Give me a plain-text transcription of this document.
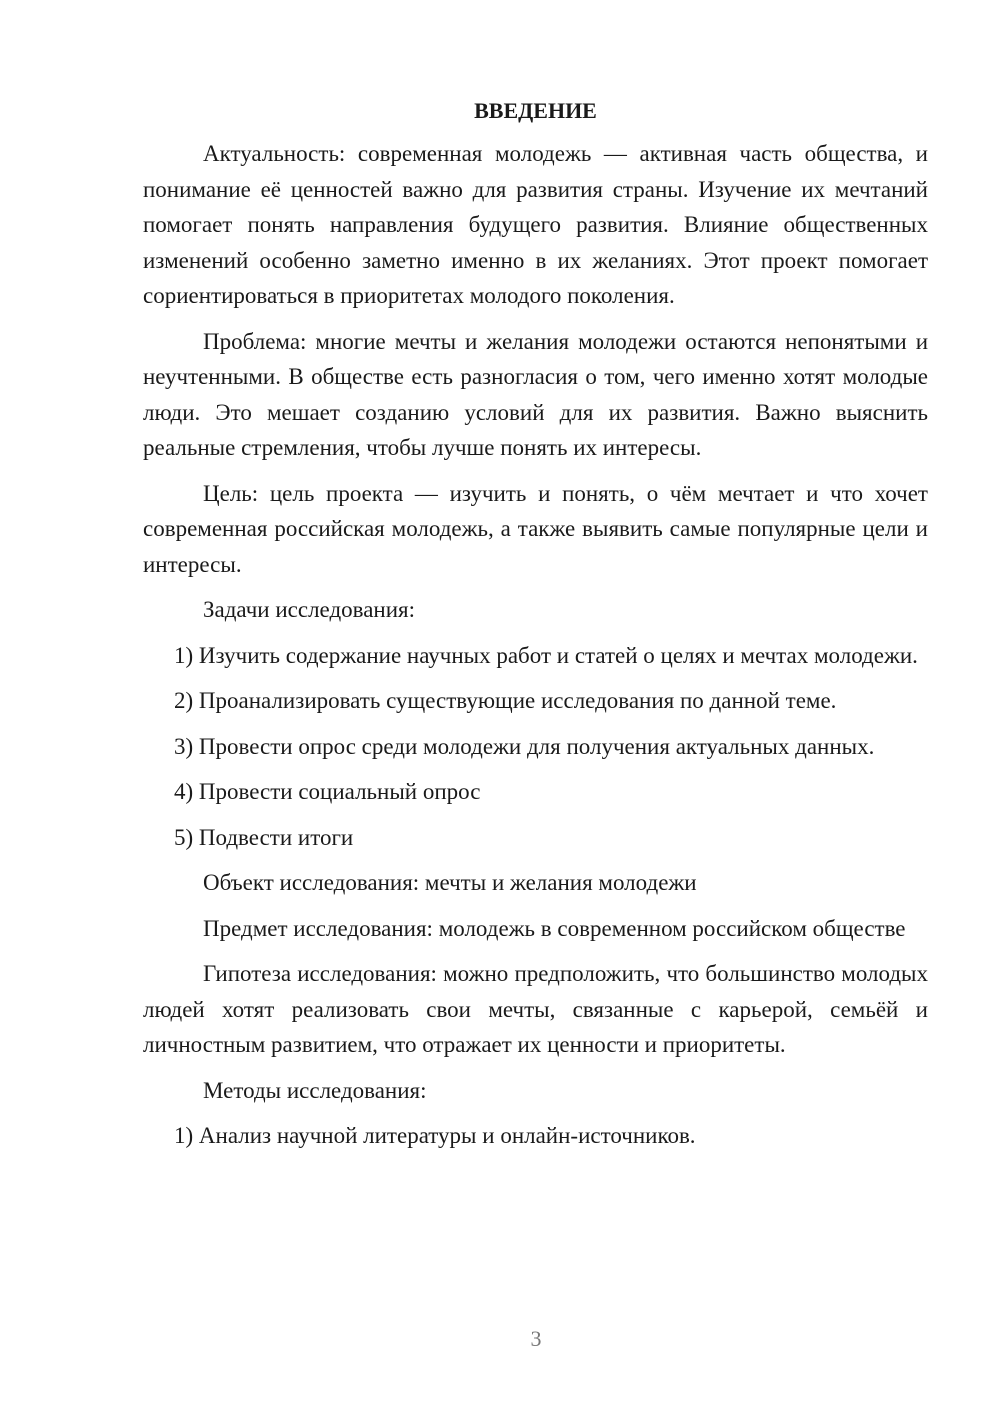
ВВЕДЕНИЕ

Актуальность: современная молодежь — активная часть общества, и понимание её ценностей важно для развития страны. Изучение их мечтаний помогает понять направления будущего развития. Влияние общественных изменений особенно заметно именно в их желаниях. Этот проект помогает сориентироваться в приоритетах молодого поколения.

Проблема: многие мечты и желания молодежи остаются непонятыми и неучтенными. В обществе есть разногласия о том, чего именно хотят молодые люди. Это мешает созданию условий для их развития. Важно выяснить реальные стремления, чтобы лучше понять их интересы.

Цель: цель проекта — изучить и понять, о чём мечтает и что хочет современная российская молодежь, а также выявить самые популярные цели и интересы.

Задачи исследования:

1) Изучить содержание научных работ и статей о целях и мечтах молодежи.

2) Проанализировать существующие исследования по данной теме.

3) Провести опрос среди молодежи для получения актуальных данных.

4) Провести социальный опрос

5) Подвести итоги

Объект исследования: мечты и желания молодежи

Предмет исследования: молодежь в современном российском обществе

Гипотеза исследования: можно предположить, что большинство молодых людей хотят реализовать свои мечты, связанные с карьерой, семьёй и личностным развитием, что отражает их ценности и приоритеты.

Методы исследования:

1) Анализ научной литературы и онлайн-источников.

3
